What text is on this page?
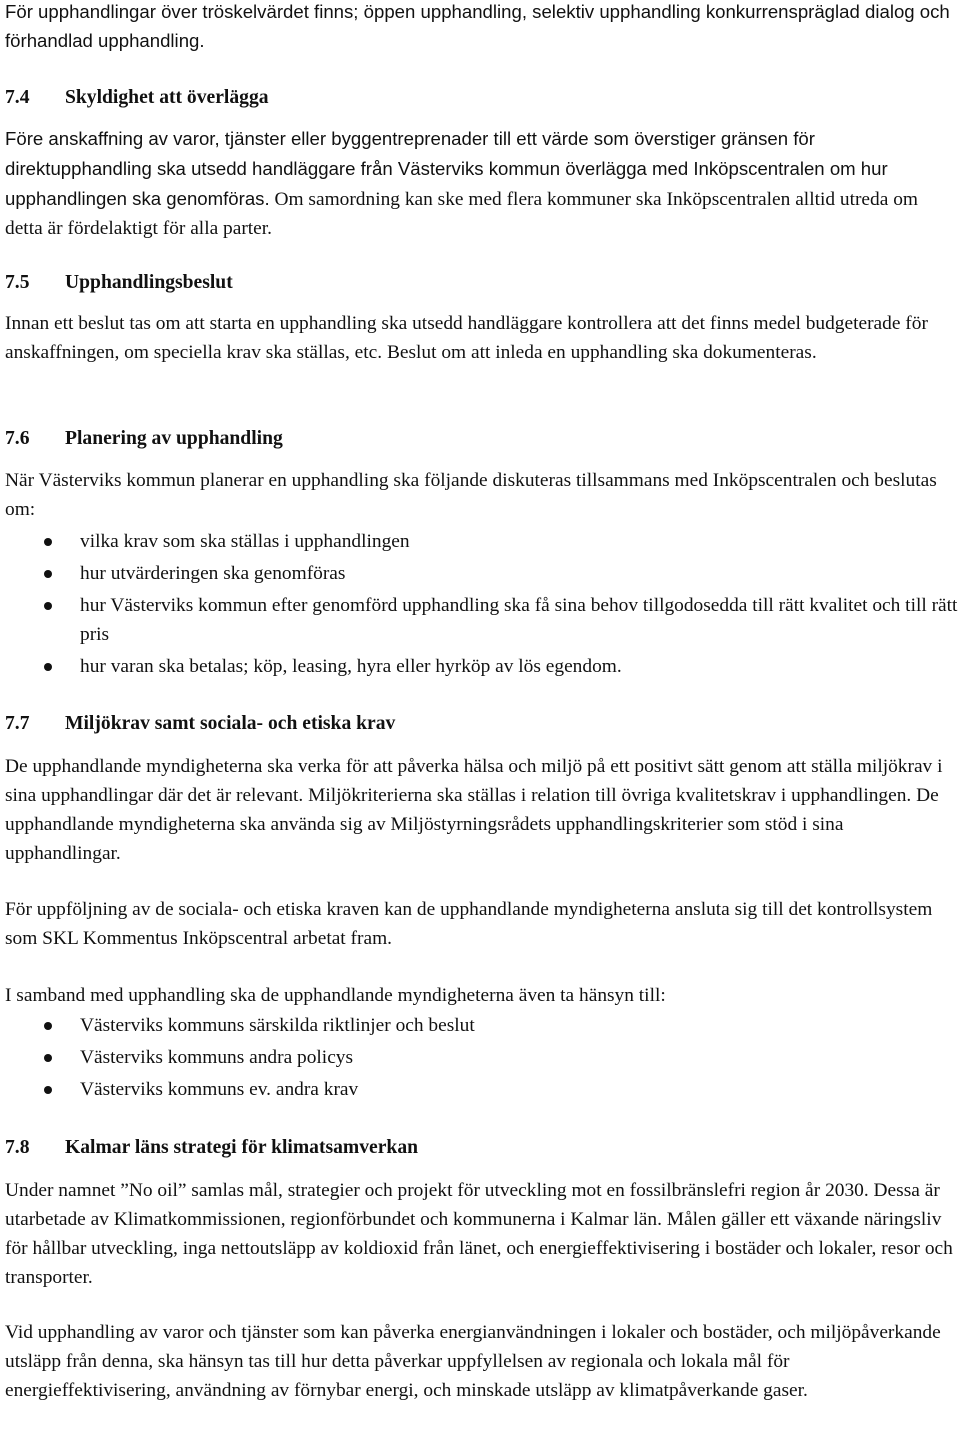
För upphandlingar över tröskelvärdet finns; öppen upphandling, selektiv upphandling konkurrenspräglad dialog och förhandlad upphandling.

7.4 Skyldighet att överlägga

Före anskaffning av varor, tjänster eller byggentreprenader till ett värde som överstiger gränsen för direktupphandling ska utsedd handläggare från Västerviks kommun överlägga med Inköpscentralen om hur upphandlingen ska genomföras. Om samordning kan ske med flera kommuner ska Inköpscentralen alltid utreda om detta är fördelaktigt för alla parter.

7.5 Upphandlingsbeslut

Innan ett beslut tas om att starta en upphandling ska utsedd handläggare kontrollera att det finns medel budgeterade för anskaffningen, om speciella krav ska ställas, etc. Beslut om att inleda en upphandling ska dokumenteras.

7.6 Planering av upphandling

När Västerviks kommun planerar en upphandling ska följande diskuteras tillsammans med Inköpscentralen och beslutas om:

vilka krav som ska ställas i upphandlingen
hur utvärderingen ska genomföras
hur Västerviks kommun efter genomförd upphandling ska få sina behov tillgodosedda till rätt kvalitet och till rätt pris
hur varan ska betalas; köp, leasing, hyra eller hyrköp av lös egendom.
7.7 Miljökrav samt sociala- och etiska krav

De upphandlande myndigheterna ska verka för att påverka hälsa och miljö på ett positivt sätt genom att ställa miljökrav i sina upphandlingar där det är relevant. Miljökriterierna ska ställas i relation till övriga kvalitetskrav i upphandlingen. De upphandlande myndigheterna ska använda sig av Miljöstyrningsrådets upphandlingskriterier som stöd i sina upphandlingar.

För uppföljning av de sociala- och etiska kraven kan de upphandlande myndigheterna ansluta sig till det kontrollsystem som SKL Kommentus Inköpscentral arbetat fram.

I samband med upphandling ska de upphandlande myndigheterna även ta hänsyn till:

Västerviks kommuns särskilda riktlinjer och beslut
Västerviks kommuns andra policys
Västerviks kommuns ev. andra krav
7.8 Kalmar läns strategi för klimatsamverkan

Under namnet ”No oil” samlas mål, strategier och projekt för utveckling mot en fossilbränslefri region år 2030. Dessa är utarbetade av Klimatkommissionen, regionförbundet och kommunerna i Kalmar län. Målen gäller ett växande näringsliv för hållbar utveckling, inga nettoutsläpp av koldioxid från länet, och energieffektivisering i bostäder och lokaler, resor och transporter.

Vid upphandling av varor och tjänster som kan påverka energianvändningen i lokaler och bostäder, och miljöpåverkande utsläpp från denna, ska hänsyn tas till hur detta påverkar uppfyllelsen av regionala och lokala mål för energieffektivisering, användning av förnybar energi, och minskade utsläpp av klimatpåverkande gaser.
